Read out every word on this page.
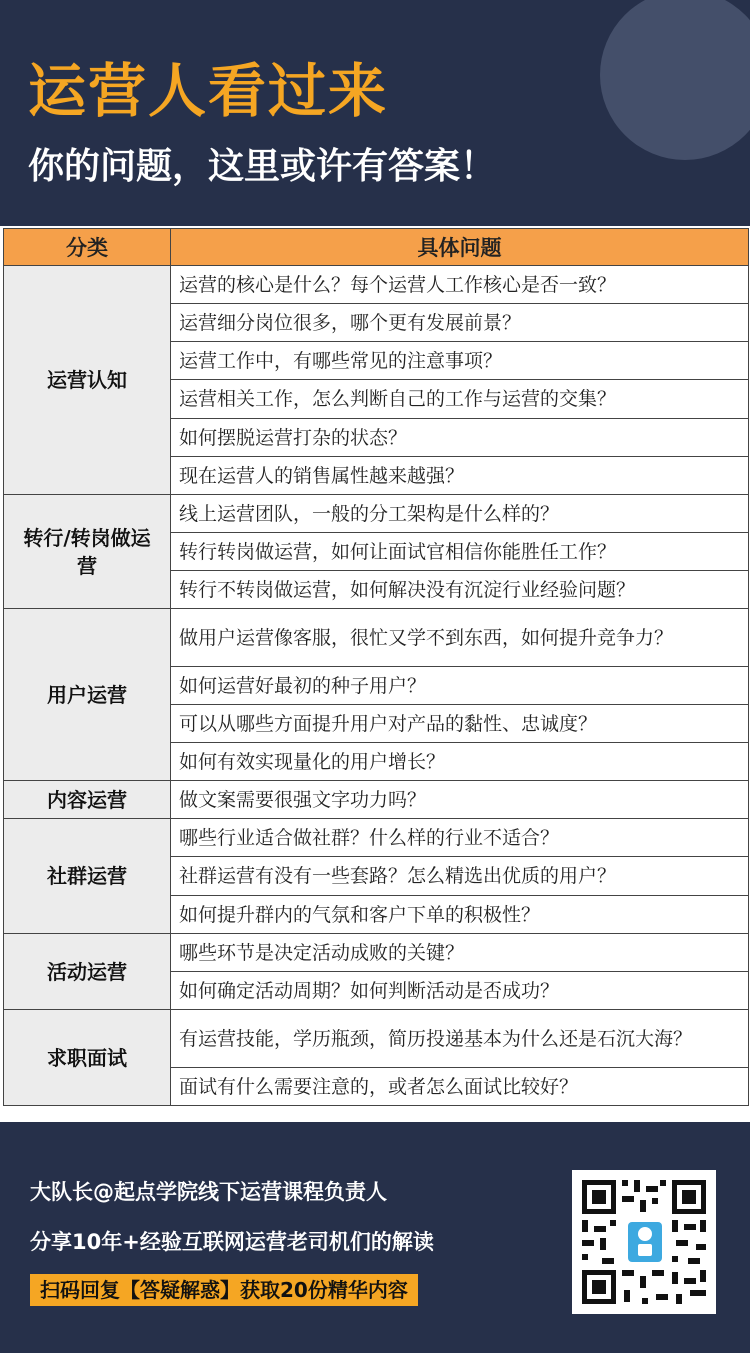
运营人看过来
你的问题，这里或许有答案！
分类	具体问题
运营认知	运营的核心是什么？每个运营人工作核心是否一致？
	运营细分岗位很多，哪个更有发展前景？
	运营工作中，有哪些常见的注意事项？
	运营相关工作，怎么判断自己的工作与运营的交集？
	如何摆脱运营打杂的状态？
	现在运营人的销售属性越来越强？
转行/转岗做运营	线上运营团队，一般的分工架构是什么样的？
	转行转岗做运营，如何让面试官相信你能胜任工作？
	转行不转岗做运营，如何解决没有沉淀行业经验问题？
用户运营	做用户运营像客服，很忙又学不到东西，如何提升竞争力？
	如何运营好最初的种子用户？
	可以从哪些方面提升用户对产品的黏性、忠诚度？
	如何有效实现量化的用户增长？
内容运营	做文案需要很强文字功力吗？
社群运营	哪些行业适合做社群？什么样的行业不适合？
	社群运营有没有一些套路？怎么精选出优质的用户？
	如何提升群内的气氛和客户下单的积极性？
活动运营	哪些环节是决定活动成败的关键？
	如何确定活动周期？如何判断活动是否成功？
求职面试	有运营技能，学历瓶颈，简历投递基本为什么还是石沉大海？
	面试有什么需要注意的，或者怎么面试比较好？

大队长@起点学院线下运营课程负责人

分享10年+经验互联网运营老司机们的解读

扫码回复【答疑解惑】获取20份精华内容
